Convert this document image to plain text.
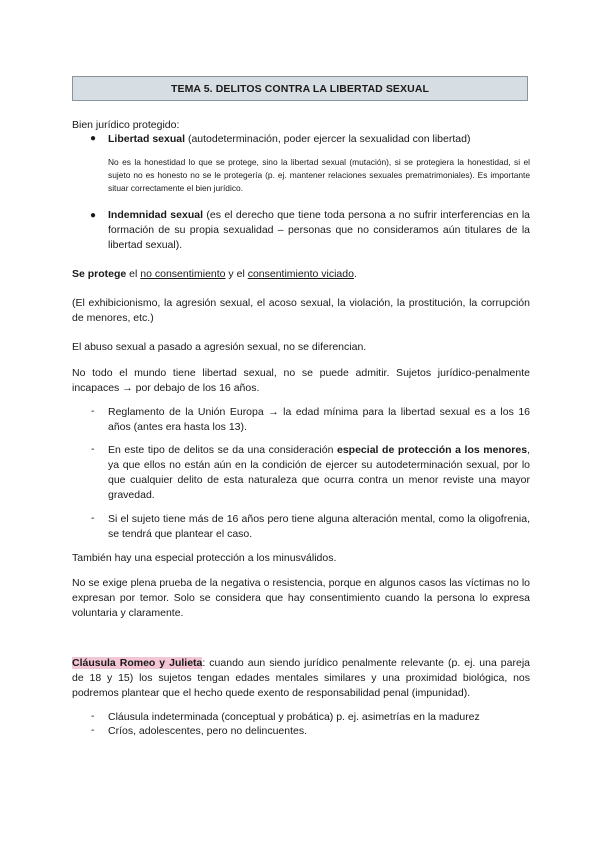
TEMA 5. DELITOS CONTRA LA LIBERTAD SEXUAL
Bien jurídico protegido:
● Libertad sexual (autodeterminación, poder ejercer la sexualidad con libertad)
No es la honestidad lo que se protege, sino la libertad sexual (mutación), si se protegiera la honestidad, si el sujeto no es honesto no se le protegería (p. ej. mantener relaciones sexuales prematrimoniales). Es importante situar correctamente el bien jurídico.
● Indemnidad sexual (es el derecho que tiene toda persona a no sufrir interferencias en la formación de su propia sexualidad – personas que no consideramos aún titulares de la libertad sexual).
Se protege el no consentimiento y el consentimiento viciado.
(El exhibicionismo, la agresión sexual, el acoso sexual, la violación, la prostitución, la corrupción de menores, etc.)
El abuso sexual a pasado a agresión sexual, no se diferencian.
No todo el mundo tiene libertad sexual, no se puede admitir. Sujetos jurídico-penalmente incapaces → por debajo de los 16 años.
- Reglamento de la Unión Europa → la edad mínima para la libertad sexual es a los 16 años (antes era hasta los 13).
- En este tipo de delitos se da una consideración especial de protección a los menores, ya que ellos no están aún en la condición de ejercer su autodeterminación sexual, por lo que cualquier delito de esta naturaleza que ocurra contra un menor reviste una mayor gravedad.
- Si el sujeto tiene más de 16 años pero tiene alguna alteración mental, como la oligofrenia, se tendrá que plantear el caso.
También hay una especial protección a los minusválidos.
No se exige plena prueba de la negativa o resistencia, porque en algunos casos las víctimas no lo expresan por temor. Solo se considera que hay consentimiento cuando la persona lo expresa voluntaria y claramente.
Cláusula Romeo y Julieta: cuando aun siendo jurídico penalmente relevante (p. ej. una pareja de 18 y 15) los sujetos tengan edades mentales similares y una proximidad biológica, nos podremos plantear que el hecho quede exento de responsabilidad penal (impunidad).
- Cláusula indeterminada (conceptual y probática) p. ej. asimetrías en la madurez
- Críos, adolescentes, pero no delincuentes.
